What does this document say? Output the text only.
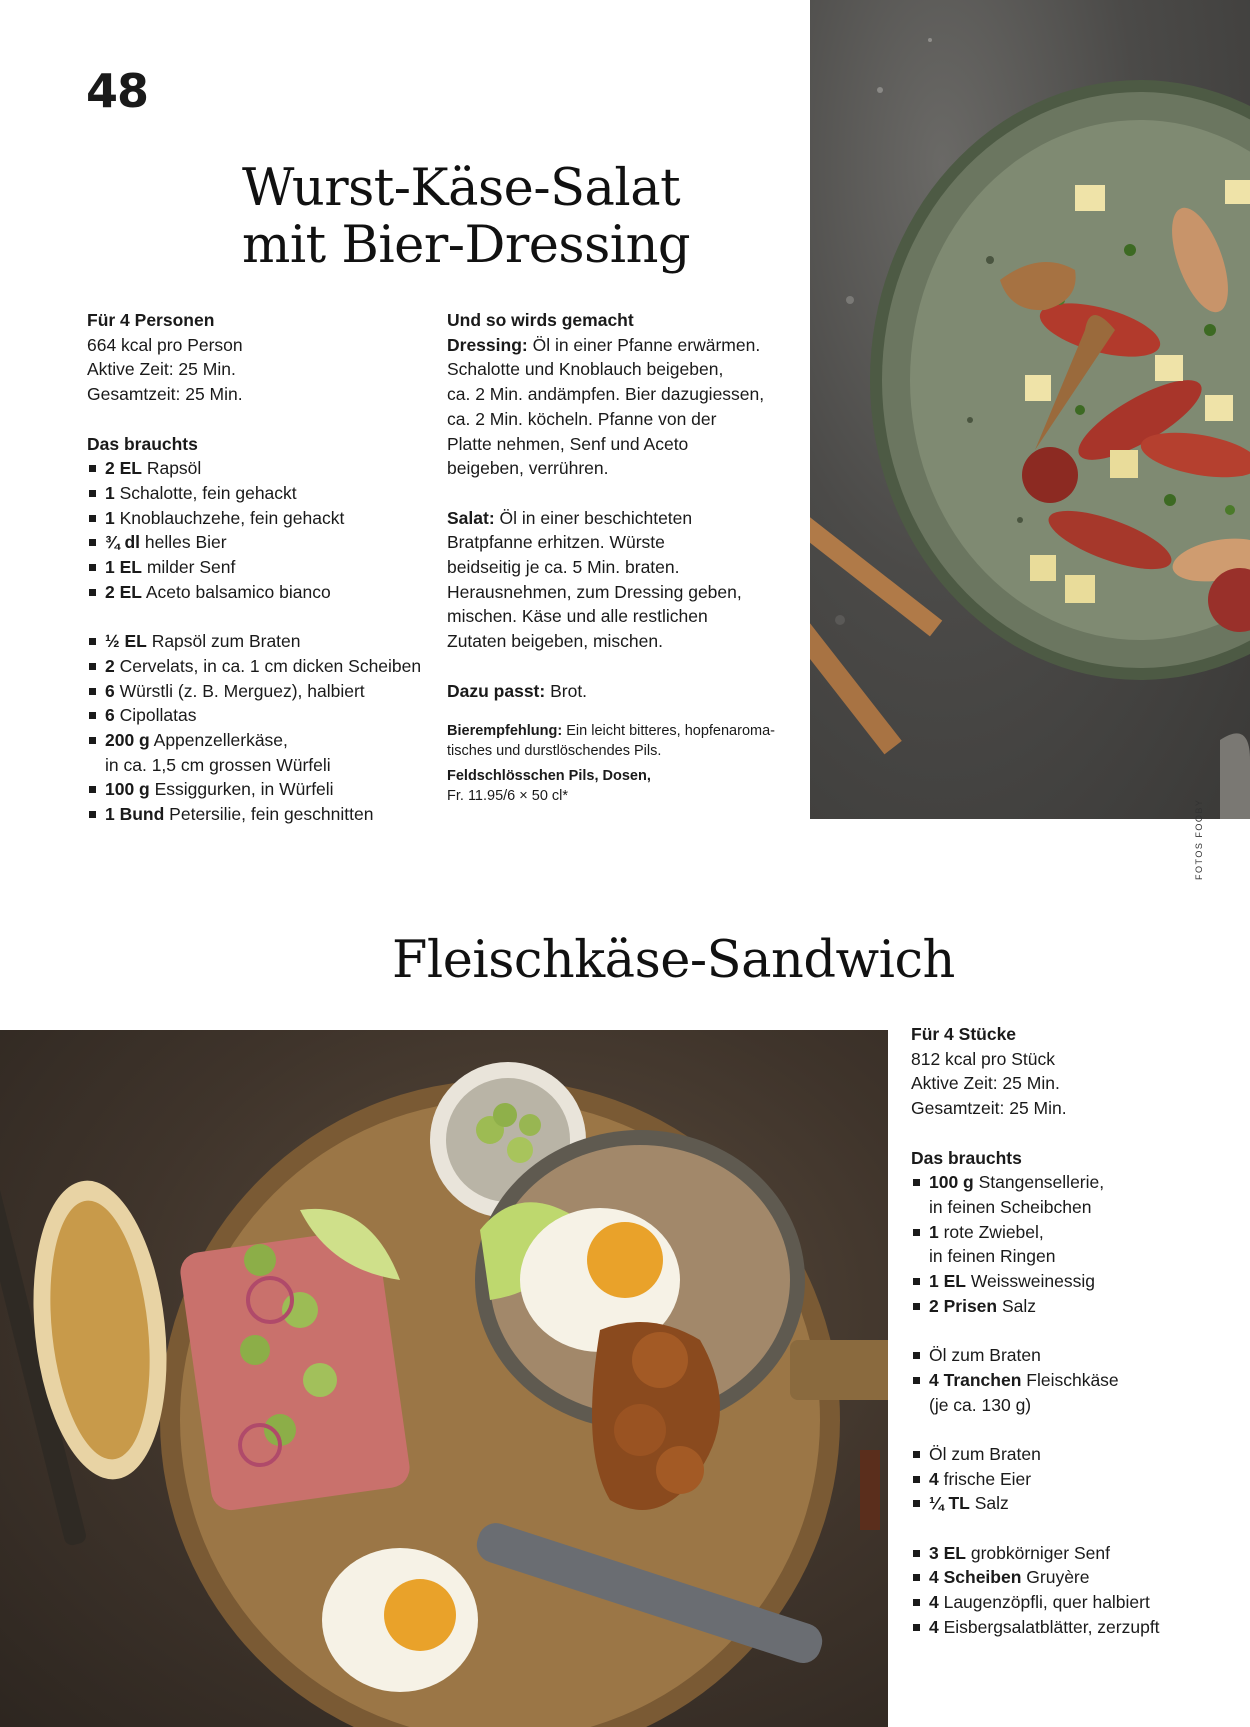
48
Wurst-Käse-Salat
mit Bier-Dressing

Für 4 Personen

664 kcal pro Person

Aktive Zeit: 25 Min.

Gesamtzeit: 25 Min.

Das brauchts

2 EL Rapsöl
1 Schalotte, fein gehackt
1 Knoblauchzehe, fein gehackt
¾ dl helles Bier
1 EL milder Senf
2 EL Aceto balsamico bianco
½ EL Rapsöl zum Braten
2 Cervelats, in ca. 1 cm dicken Scheiben
6 Würstli (z. B. Merguez), halbiert
6 Cipollatas
200 g Appenzellerkäse,
in ca. 1,5 cm grossen Würfeli
100 g Essiggurken, in Würfeli
1 Bund Petersilie, fein geschnitten

Und so wirds gemacht

Dressing: Öl in einer Pfanne erwärmen.

Schalotte und Knoblauch beigeben,

ca. 2 Min. andämpfen. Bier dazugiessen,

ca. 2 Min. köcheln. Pfanne von der

Platte nehmen, Senf und Aceto

beigeben, verrühren.

Salat: Öl in einer beschichteten

Bratpfanne erhitzen. Würste

beidseitig je ca. 5 Min. braten.

Herausnehmen, zum Dressing geben,

mischen. Käse und alle restlichen

Zutaten beigeben, mischen.

Dazu passt: Brot.

Bierempfehlung: Ein leicht bitteres, hopfenaroma-

tisches und durstlöschendes Pils.

Feldschlösschen Pils, Dosen,

Fr. 11.95/6 × 50 cl*

FOTOS FOOBY
Fleischkäse-Sandwich

Für 4 Stücke

812 kcal pro Stück

Aktive Zeit: 25 Min.

Gesamtzeit: 25 Min.

Das brauchts

100 g Stangensellerie,
in feinen Scheibchen
1 rote Zwiebel,
in feinen Ringen
1 EL Weissweinessig
2 Prisen Salz
Öl zum Braten
4 Tranchen Fleischkäse
(je ca. 130 g)
Öl zum Braten
4 frische Eier
¼ TL Salz
3 EL grobkörniger Senf
4 Scheiben Gruyère
4 Laugenzöpfli, quer halbiert
4 Eisbergsalatblätter, zerzupft
